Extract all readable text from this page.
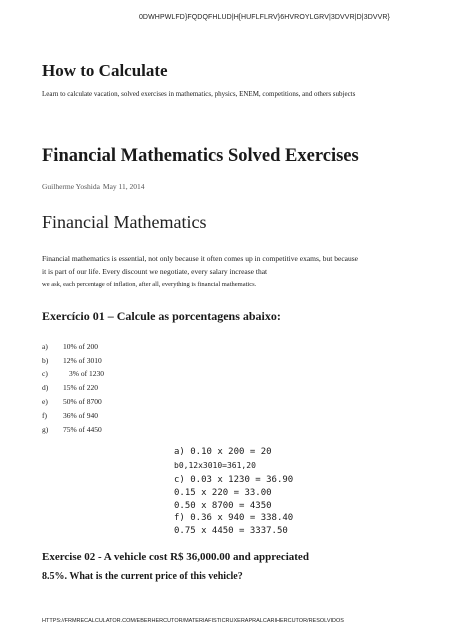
0DWHPWLFD}FQDQFHLUD|H[HUFLFLRV}6HVROYLGRV|3DVVR|D|3DVVR}
How to Calculate
Learn to calculate vacation, solved exercises in mathematics, physics, ENEM, competitions, and others subjects
Financial Mathematics Solved Exercises
Guilherme Yoshida May 11, 2014
Financial Mathematics
Financial mathematics is essential, not only because it often comes up in competitive exams, but because it is part of our life. Every discount we negotiate, every salary increase that
we ask, each percentage of inflation, after all, everything is financial mathematics.
Exercício 01 – Calcule as porcentagens abaixo:
a) 10% of 200
b) 12% of 3010
c)	3% of 1230
d) 15% of 220
e) 50% of 8700
f) 36% of 940
g) 75% of 4450
a) 0.10 x 200 = 20
b0,12x3010=361,20
c) 0.03 x 1230 = 36.90
0.15 x 220 = 33.00
0.50 x 8700 = 4350
f) 0.36 x 940 = 338.40
0.75 x 4450 = 3337.50
Exercise 02 - A vehicle cost R$ 36,000.00 and appreciated
8.5%. What is the current price of this vehicle?
HTTPS://FRMRECALCULATOR.COM/EBERHERCUTOR/MATERIAFISTICRUXERAPRALCARIHERCUTOR/RESOLVIDOS
